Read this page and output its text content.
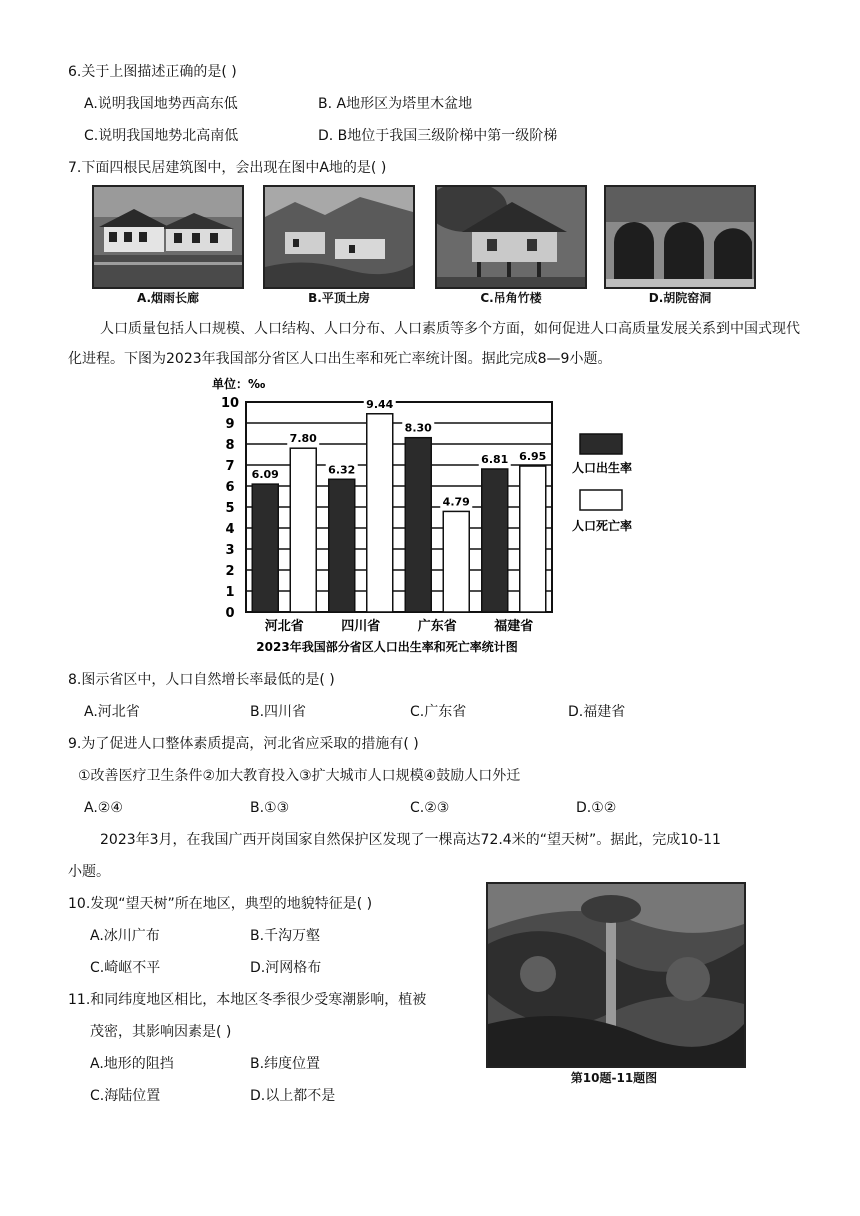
6.关于上图描述正确的是( )
A.说明我国地势西高东低	B. A地形区为塔里木盆地
C.说明我国地势北高南低	D. B地位于我国三级阶梯中第一级阶梯
7.下面四根民居建筑图中，会出现在图中A地的是( )
A.烟雨长廊	B.平顶土房	C.吊角竹楼	D.胡院窑洞
人口质量包括人口规模、人口结构、人口分布、人口素质等多个方面，如何促进人口高质量发展关系到中国式现代化进程。下图为2023年我国部分省区人口出生率和死亡率统计图。据此完成8—9小题。
单位：‰
0
1
2
3
4
5
6
7
8
9
10
6.09
7.80
6.32
9.44
8.30
4.79
6.81 6.95
河北省	四川省	广东省	福建省
人口出生率
人口死亡率
2023年我国部分省区人口出生率和死亡率统计图
8.图示省区中，人口自然增长率最低的是( )
A.河北省	B.四川省	C.广东省	D.福建省
9.为了促进人口整体素质提高，河北省应采取的措施有( )
①改善医疗卫生条件②加大教育投入③扩大城市人口规模④鼓励人口外迁
A.②④	B.①③	C.②③	D.①②
2023年3月，在我国广西开岗国家自然保护区发现了一棵高达72.4米的“望天树”。据此，完成10-11
小题。
10.发现“望天树”所在地区，典型的地貌特征是( )
A.冰川广布	B.千沟万壑
C.崎岖不平	D.河网格布
11.和同纬度地区相比，本地区冬季很少受寒潮影响，植被
茂密，其影响因素是( )
A.地形的阻挡	B.纬度位置
C.海陆位置	D.以上都不是
第10题-11题图
